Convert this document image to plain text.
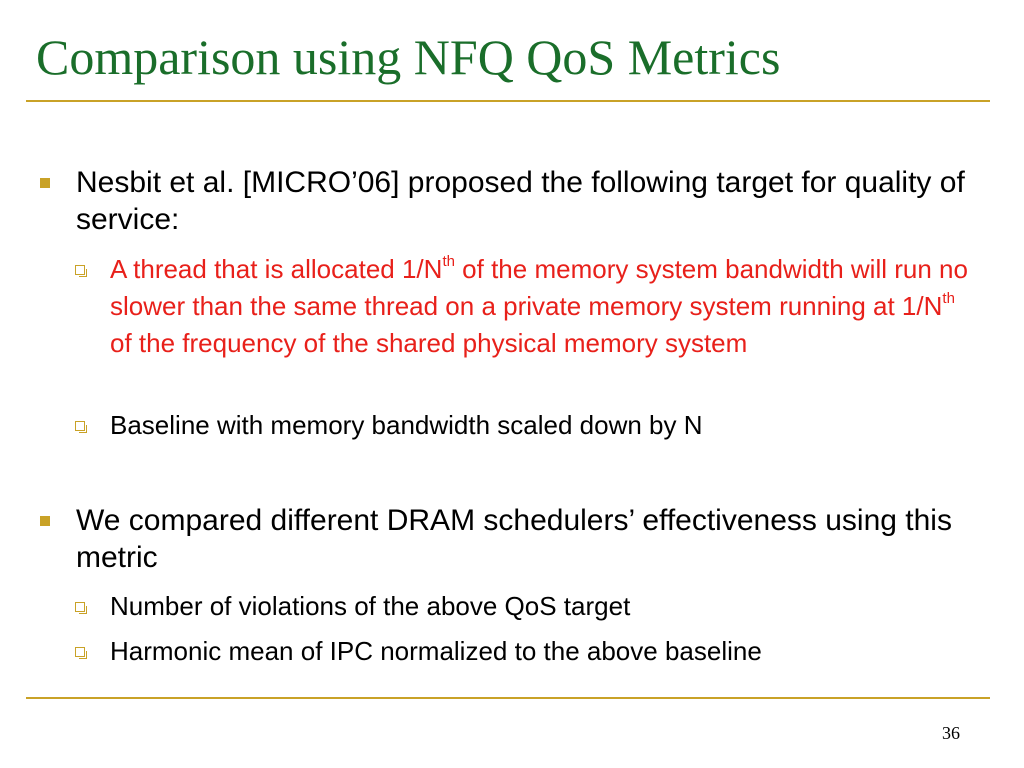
Comparison using NFQ QoS Metrics
Nesbit et al. [MICRO’06] proposed the following target for quality of service:
A thread that is allocated $1/N^{th}$ of the memory system bandwidth will run no slower than the same thread on a private memory system running at $1/N^{th}$ of the frequency of the shared physical memory system
Baseline with memory bandwidth scaled down by N
We compared different DRAM schedulers’ effectiveness using this metric
Number of violations of the above QoS target
Harmonic mean of IPC normalized to the above baseline
36
